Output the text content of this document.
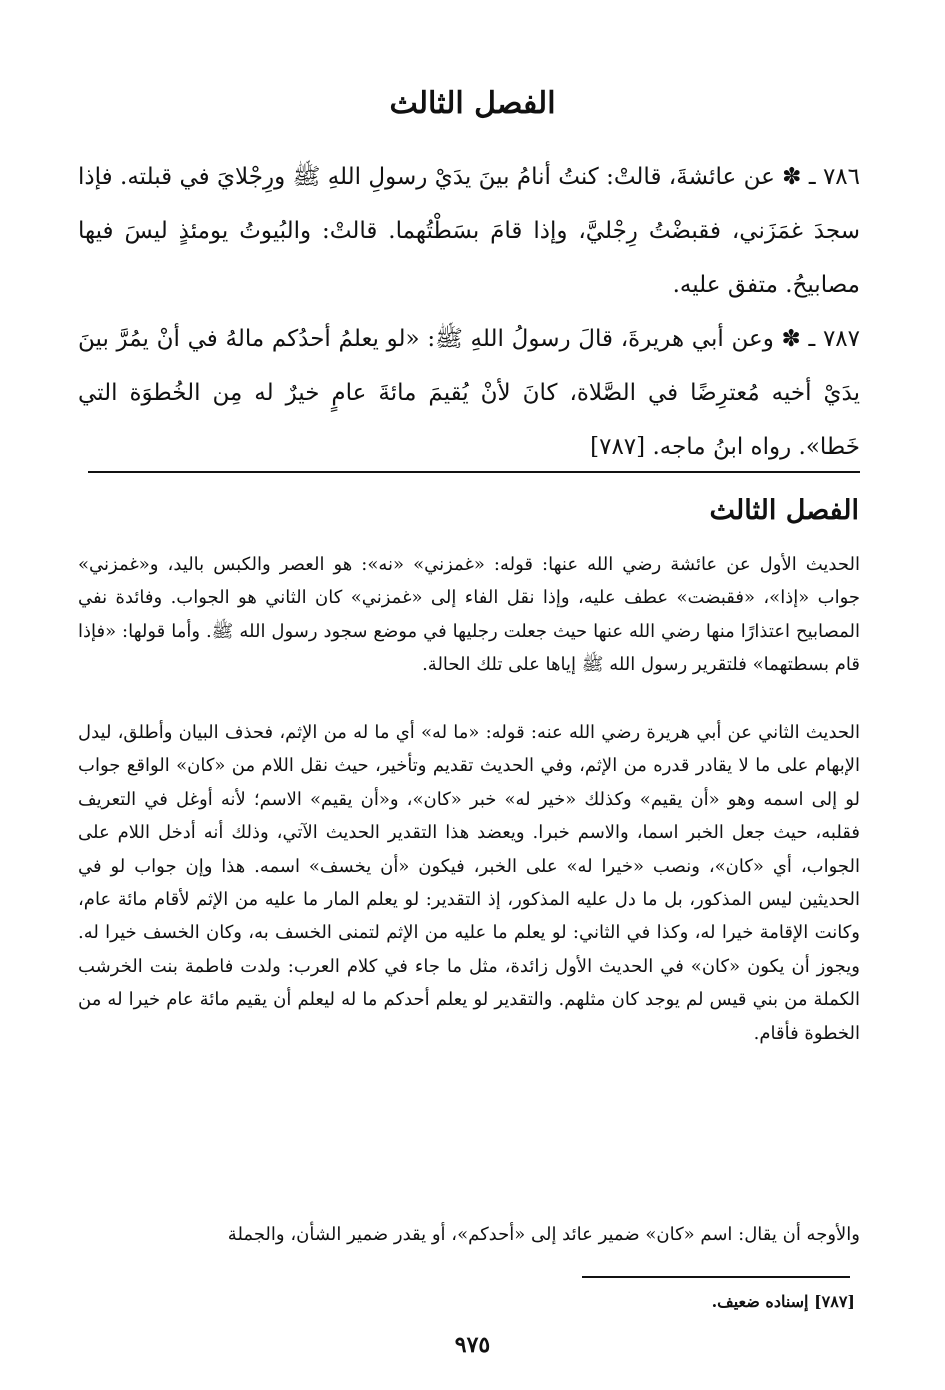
الفصل الثالث
٧٨٦ ـ ✽ عن عائشةَ، قالتْ: كنتُ أنامُ بينَ يدَيْ رسولِ اللهِ ﷺ ورِجْلايَ في قبلته. فإذا سجدَ غمَزَني، فقبضْتُ رِجْليَّ، وإذا قامَ بسَطْتُهما. قالتْ: والبُيوتُ يومئذٍ ليسَ فيها مصابيحُ. متفق عليه.
٧٨٧ ـ ✽ وعن أبي هريرةَ، قالَ رسولُ اللهِ ﷺ: «لو يعلمُ أحدُكم مالهُ في أنْ يمُرَّ بينَ يدَيْ أخيه مُعترِضًا في الصَّلاة، كانَ لأنْ يُقيمَ مائةَ عامٍ خيرٌ له مِن الخُطوَة التي خَطا». رواه ابنُ ماجه. [٧٨٧]
الفصل الثالث
الحديث الأول عن عائشة رضي الله عنها: قوله: «غمزني» «نه»: هو العصر والكبس باليد، و«غمزني» جواب «إذا»، «فقبضت» عطف عليه، وإذا نقل الفاء إلى «غمزني» كان الثاني هو الجواب. وفائدة نفي المصابيح اعتذارًا منها رضي الله عنها حيث جعلت رجليها في موضع سجود رسول الله ﷺ. وأما قولها: «فإذا قام بسطتهما» فلتقرير رسول الله ﷺ إياها على تلك الحالة.
الحديث الثاني عن أبي هريرة رضي الله عنه: قوله: «ما له» أي ما له من الإثم، فحذف البيان وأطلق، ليدل الإبهام على ما لا يقادر قدره من الإثم، وفي الحديث تقديم وتأخير، حيث نقل اللام من «كان» الواقع جواب لو إلى اسمه وهو «أن يقيم» وكذلك «خير له» خبر «كان»، و«أن يقيم» الاسم؛ لأنه أوغل في التعريف فقلبه، حيث جعل الخبر اسما، والاسم خبرا. ويعضد هذا التقدير الحديث الآتي، وذلك أنه أدخل اللام على الجواب، أي «كان»، ونصب «خيرا له» على الخبر، فيكون «أن يخسف» اسمه. هذا وإن جواب لو في الحديثين ليس المذكور، بل ما دل عليه المذكور، إذ التقدير: لو يعلم المار ما عليه من الإثم لأقام مائة عام، وكانت الإقامة خيرا له، وكذا في الثاني: لو يعلم ما عليه من الإثم لتمنى الخسف به، وكان الخسف خيرا له. ويجوز أن يكون «كان» في الحديث الأول زائدة، مثل ما جاء في كلام العرب: ولدت فاطمة بنت الخرشب الكملة من بني قيس لم يوجد كان مثلهم. والتقدير لو يعلم أحدكم ما له ليعلم أن يقيم مائة عام خيرا له من الخطوة فأقام.
والأوجه أن يقال: اسم «كان» ضمير عائد إلى «أحدكم»، أو يقدر ضمير الشأن، والجملة
[٧٨٧] إسناده ضعيف.
٩٧٥
